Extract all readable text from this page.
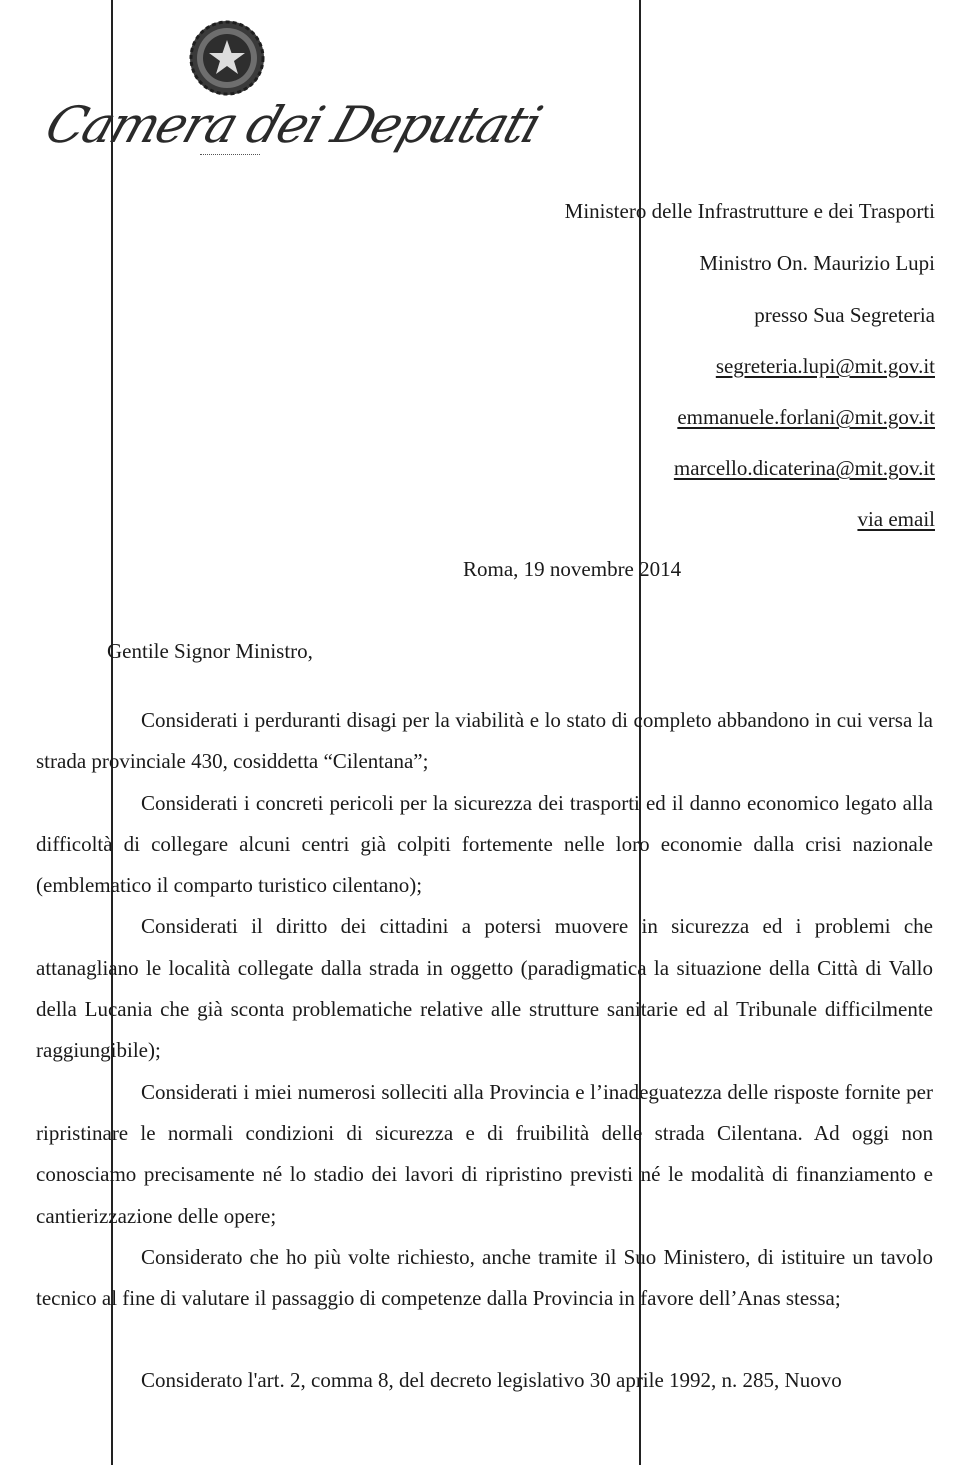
Camera dei Deputati
Ministero delle Infrastrutture e dei Trasporti
Ministro On. Maurizio Lupi
presso Sua Segreteria
segreteria.lupi@mit.gov.it
emmanuele.forlani@mit.gov.it
marcello.dicaterina@mit.gov.it
via email
Roma, 19 novembre 2014
Gentile Signor Ministro,

Considerati i perduranti disagi per la viabilità e lo stato di completo abbandono in cui versa la strada provinciale 430, cosiddetta “Cilentana”;

Considerati i concreti pericoli per la sicurezza dei trasporti ed il danno economico legato alla difficoltà di collegare alcuni centri già colpiti fortemente nelle loro economie dalla crisi nazionale (emblematico il comparto turistico cilentano);

Considerati il diritto dei cittadini a potersi muovere in sicurezza ed i problemi che attanagliano le località collegate dalla strada in oggetto (paradigmatica la situazione della Città di Vallo della Lucania che già sconta problematiche relative alle strutture sanitarie ed al Tribunale difficilmente raggiungibile);

Considerati i miei numerosi solleciti alla Provincia e l’inadeguatezza delle risposte fornite per ripristinare le normali condizioni di sicurezza e di fruibilità delle strada Cilentana. Ad oggi non conosciamo precisamente né lo stadio dei lavori di ripristino previsti né le modalità di finanziamento e cantierizzazione delle opere;

Considerato che ho più volte richiesto, anche tramite il Suo Ministero, di istituire un tavolo tecnico al fine di valutare il passaggio di competenze dalla Provincia in favore dell’Anas stessa;

Considerato l'art. 2, comma 8, del decreto legislativo 30 aprile 1992, n. 285, Nuovo
